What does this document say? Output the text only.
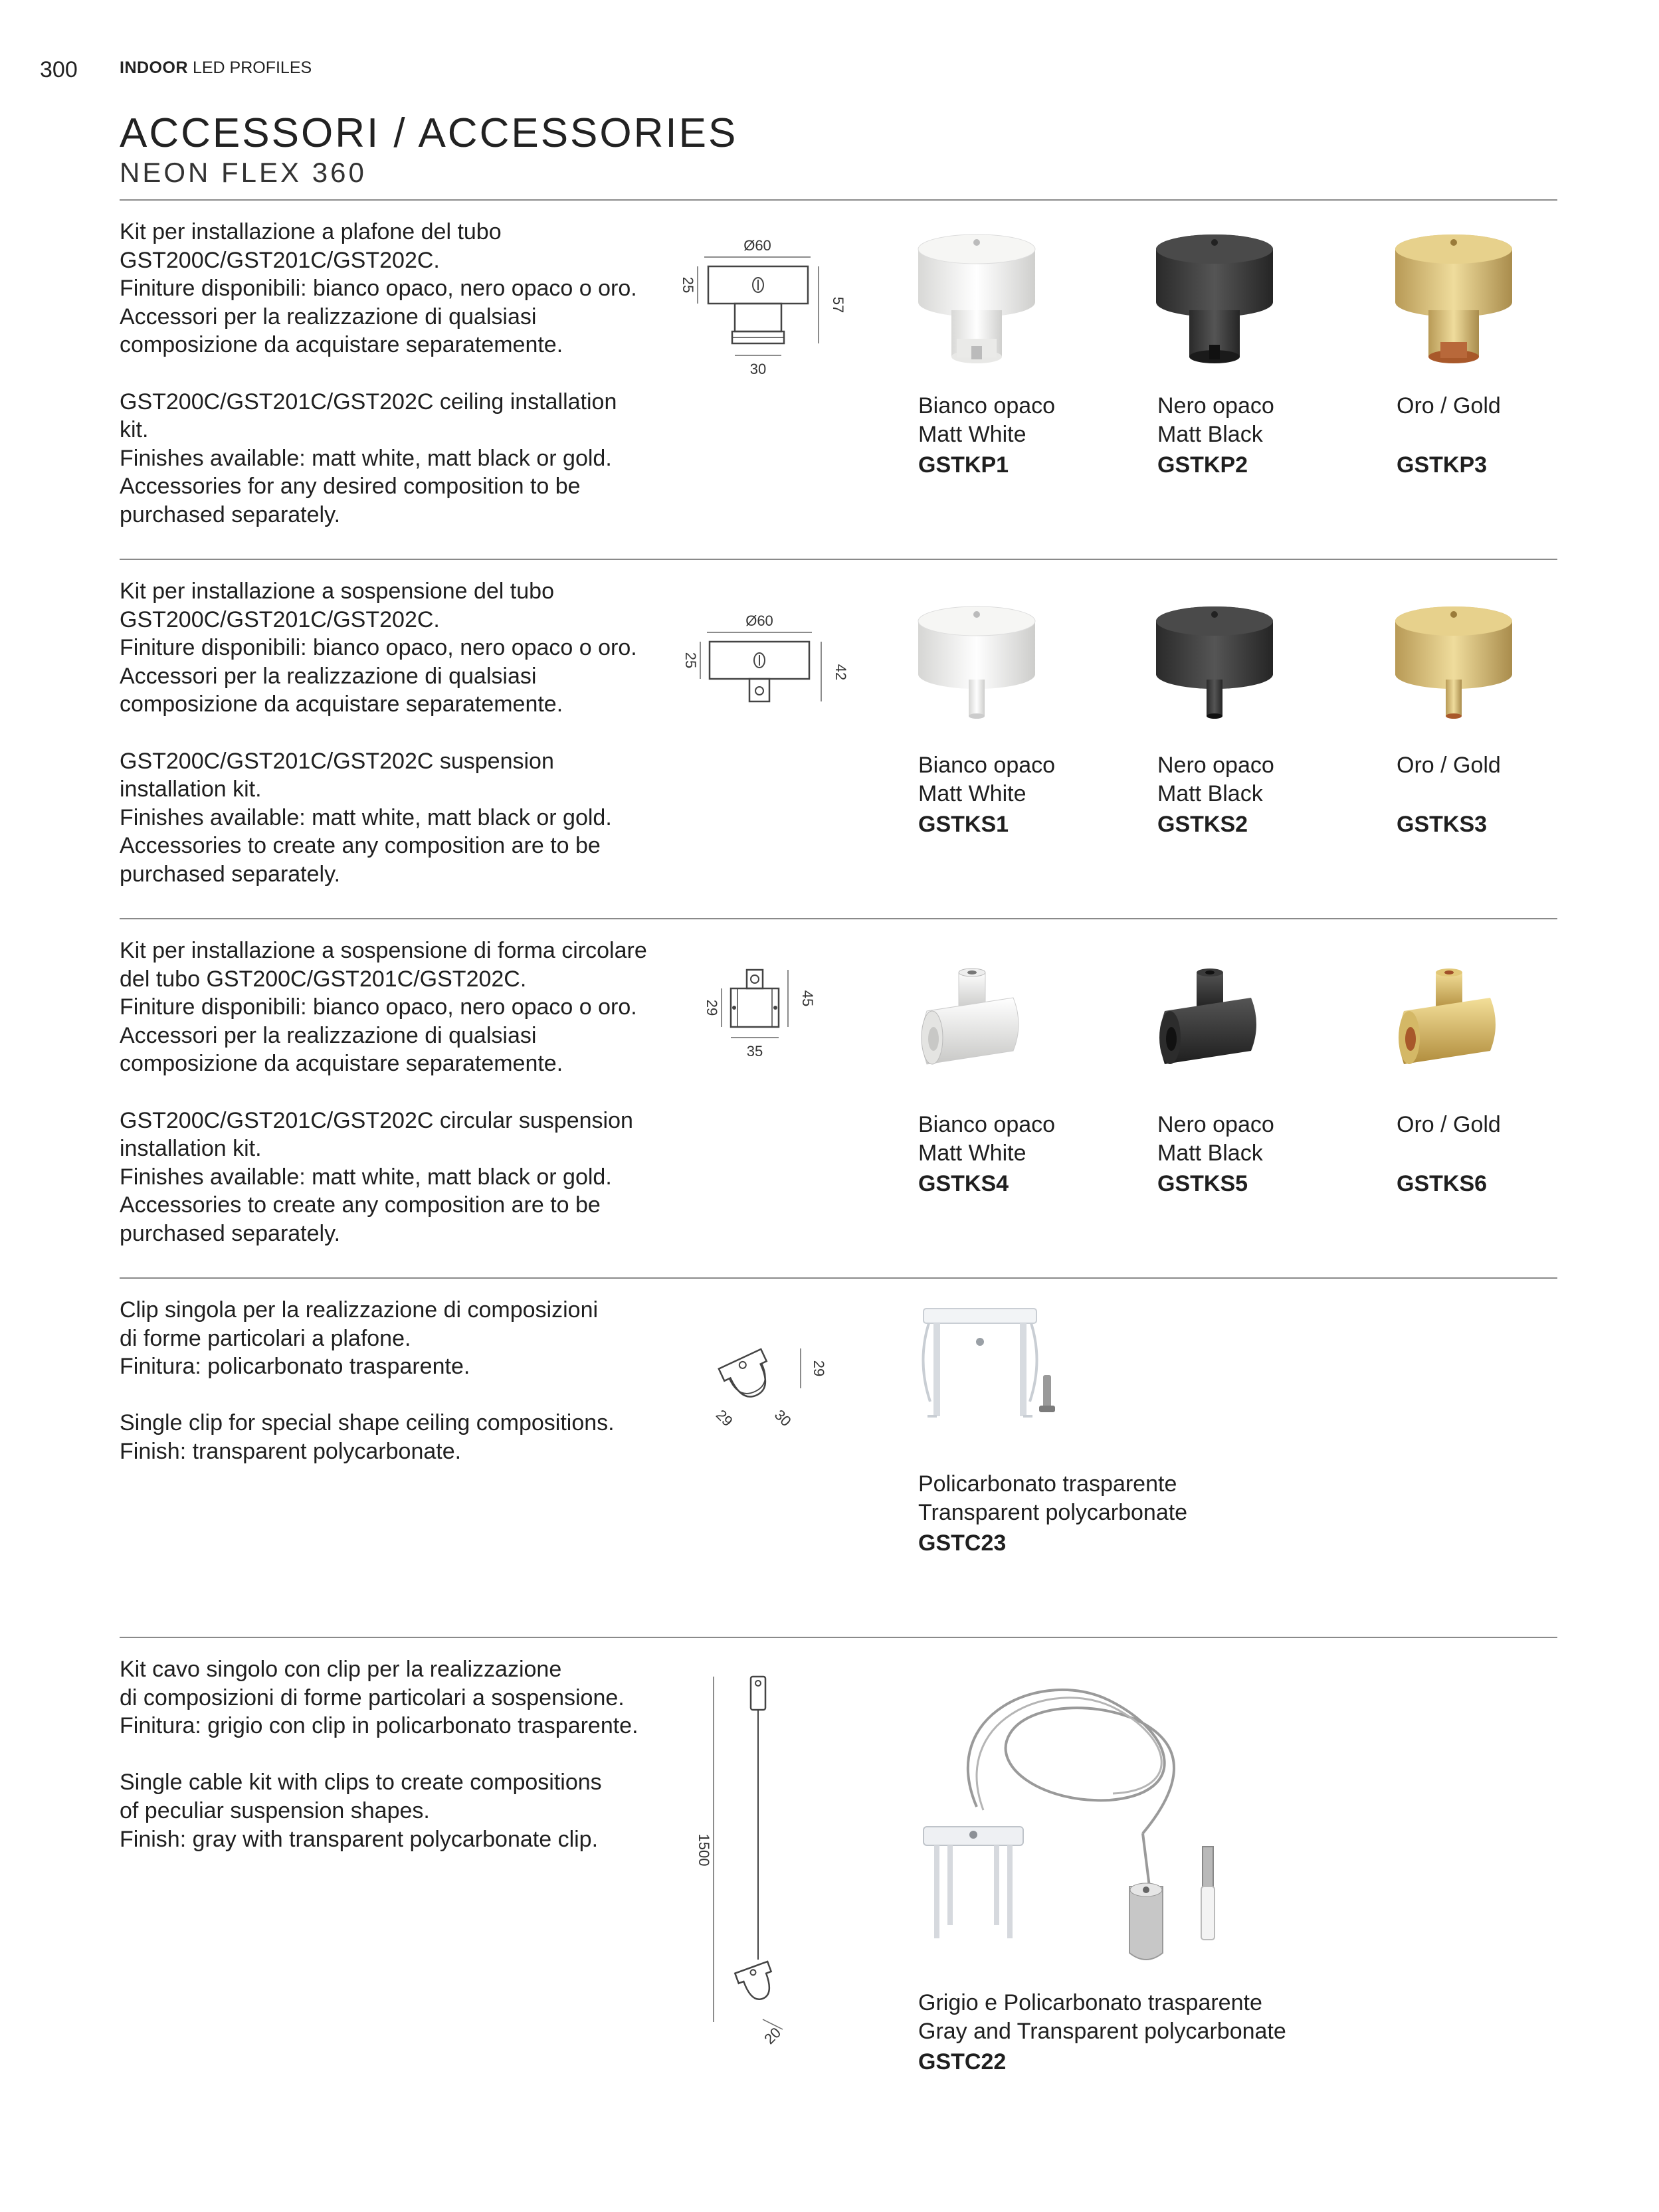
300	INDOOR LED PROFILES
ACCESSORI / ACCESSORIES
NEON FLEX 360

Kit per installazione a plafone del tubo

GST200C/GST201C/GST202C.

Finiture disponibili: bianco opaco, nero opaco o oro.

Accessori per la realizzazione di qualsiasi

composizione da acquistare separatemente.

GST200C/GST201C/GST202C ceiling installation kit.

Finishes available: matt white, matt black or gold.

Accessories for any desired composition to be

purchased separately.

Ø60
25
57
30
Bianco opaco
Matt White
GSTKP1
Nero opaco
Matt Black
GSTKP2
Oro / Gold
GSTKP3

Kit per installazione a sospensione del tubo

GST200C/GST201C/GST202C.

Finiture disponibili: bianco opaco, nero opaco o oro.

Accessori per la realizzazione di qualsiasi

composizione da acquistare separatemente.

GST200C/GST201C/GST202C suspension

installation kit.

Finishes available: matt white, matt black or gold.

Accessories to create any composition are to be

purchased separately.

Ø60
25
42
Bianco opaco
Matt White
GSTKS1
Nero opaco
Matt Black
GSTKS2
Oro / Gold
GSTKS3

Kit per installazione a sospensione di forma circolare

del tubo GST200C/GST201C/GST202C.

Finiture disponibili: bianco opaco, nero opaco o oro.

Accessori per la realizzazione di qualsiasi

composizione da acquistare separatemente.

GST200C/GST201C/GST202C circular suspension

installation kit.

Finishes available: matt white, matt black or gold.

Accessories to create any composition are to be

purchased separately.

29
45
35
Bianco opaco
Matt White
GSTKS4
Nero opaco
Matt Black
GSTKS5
Oro / Gold
GSTKS6

Clip singola per la realizzazione di composizioni

di forme particolari a plafone.

Finitura: policarbonato trasparente.

Single clip for special shape ceiling compositions.

Finish: transparent polycarbonate.

29
29 30
Policarbonato trasparente
Transparent polycarbonate
GSTC23

Kit cavo singolo con clip per la realizzazione

di composizioni di forme particolari a sospensione.

Finitura: grigio con clip in policarbonato trasparente.

Single cable kit with clips to create compositions

of peculiar suspension shapes.

Finish: gray with transparent polycarbonate clip.	1500
20
Grigio e Policarbonato trasparente
Gray and Transparent polycarbonate
GSTC22
